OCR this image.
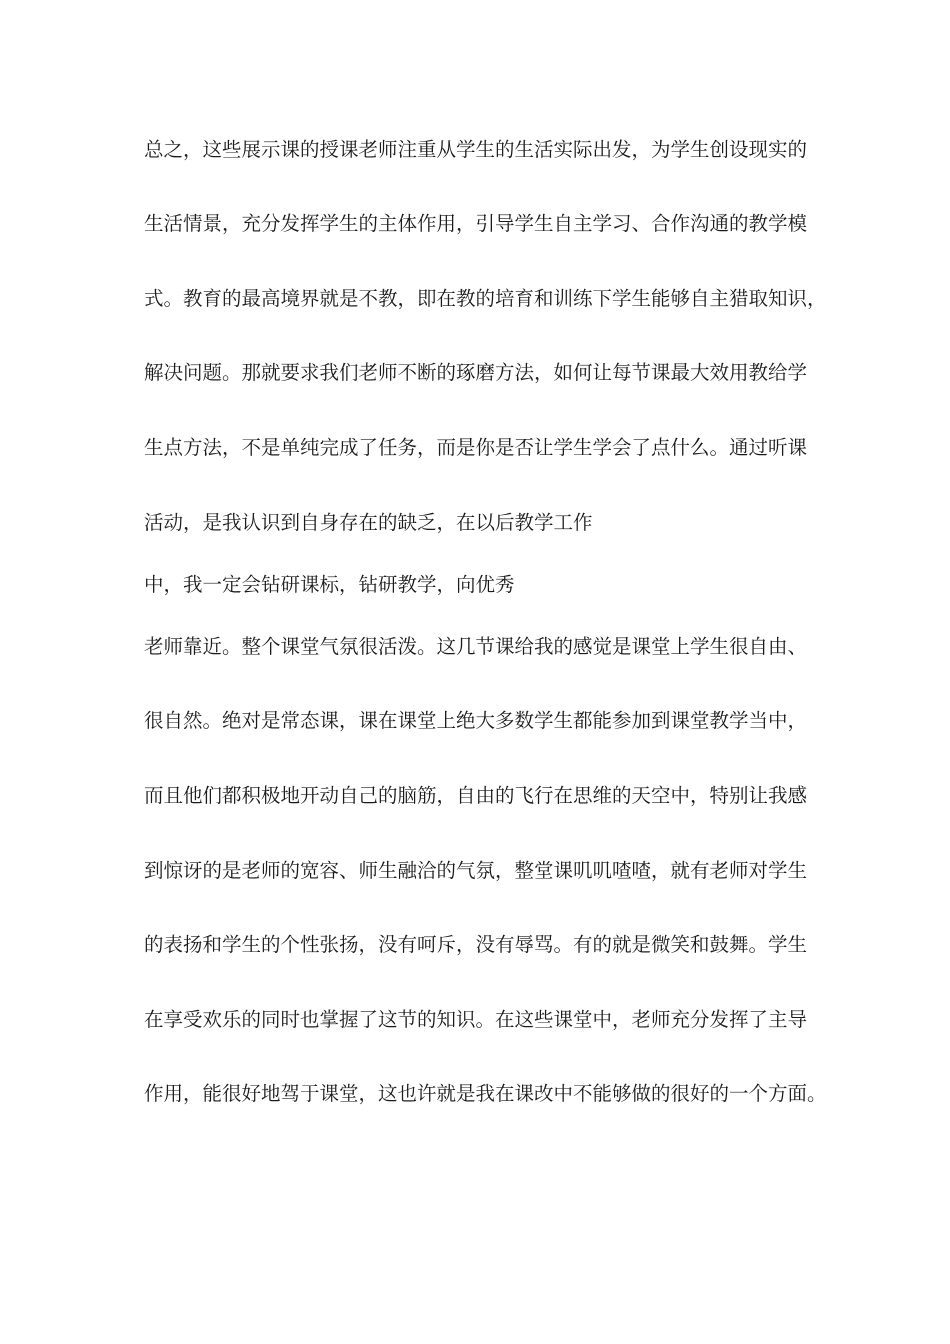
总之，这些展示课的授课老师注重从学生的生活实际出发，为学生创设现实的
生活情景，充分发挥学生的主体作用，引导学生自主学习、合作沟通的教学模
式。教育的最高境界就是不教，即在教的培育和训练下学生能够自主猎取知识，
解决问题。那就要求我们老师不断的琢磨方法，如何让每节课最大效用教给学
生点方法，不是单纯完成了任务，而是你是否让学生学会了点什么。通过听课
活动，是我认识到自身存在的缺乏，在以后教学工作
中，我一定会钻研课标，钻研教学，向优秀
老师靠近。整个课堂气氛很活泼。这几节课给我的感觉是课堂上学生很自由、
很自然。绝对是常态课，课在课堂上绝大多数学生都能参加到课堂教学当中，
而且他们都积极地开动自己的脑筋，自由的飞行在思维的天空中，特别让我感
到惊讶的是老师的宽容、师生融洽的气氛，整堂课叽叽喳喳，就有老师对学生
的表扬和学生的个性张扬，没有呵斥，没有辱骂。有的就是微笑和鼓舞。学生
在享受欢乐的同时也掌握了这节的知识。在这些课堂中，老师充分发挥了主导
作用，能很好地驾于课堂，这也许就是我在课改中不能够做的很好的一个方面。
